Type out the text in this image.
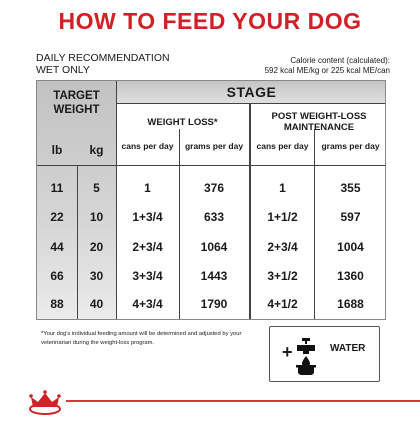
HOW TO FEED YOUR DOG
DAILY RECOMMENDATION
WET ONLY
Calorie content (calculated):
592 kcal ME/kg or 225 kcal ME/can
TARGET WEIGHT
STAGE
WEIGHT LOSS*
POST WEIGHT-LOSS MAINTENANCE
cans per day	grams per day	cans per day	grams per day
lb	kg
11	5	1	376	1	355
22	10	1+3/4	633	1+1/2	597
44	20	2+3/4	1064	2+3/4	1004
66	30	3+3/4	1443	3+1/2	1360
88	40	4+3/4	1790	4+1/2	1688
*Your dog's individual feeding amount will be determined and adjusted by your veterinarian during the weight-loss program.	+	WATER
